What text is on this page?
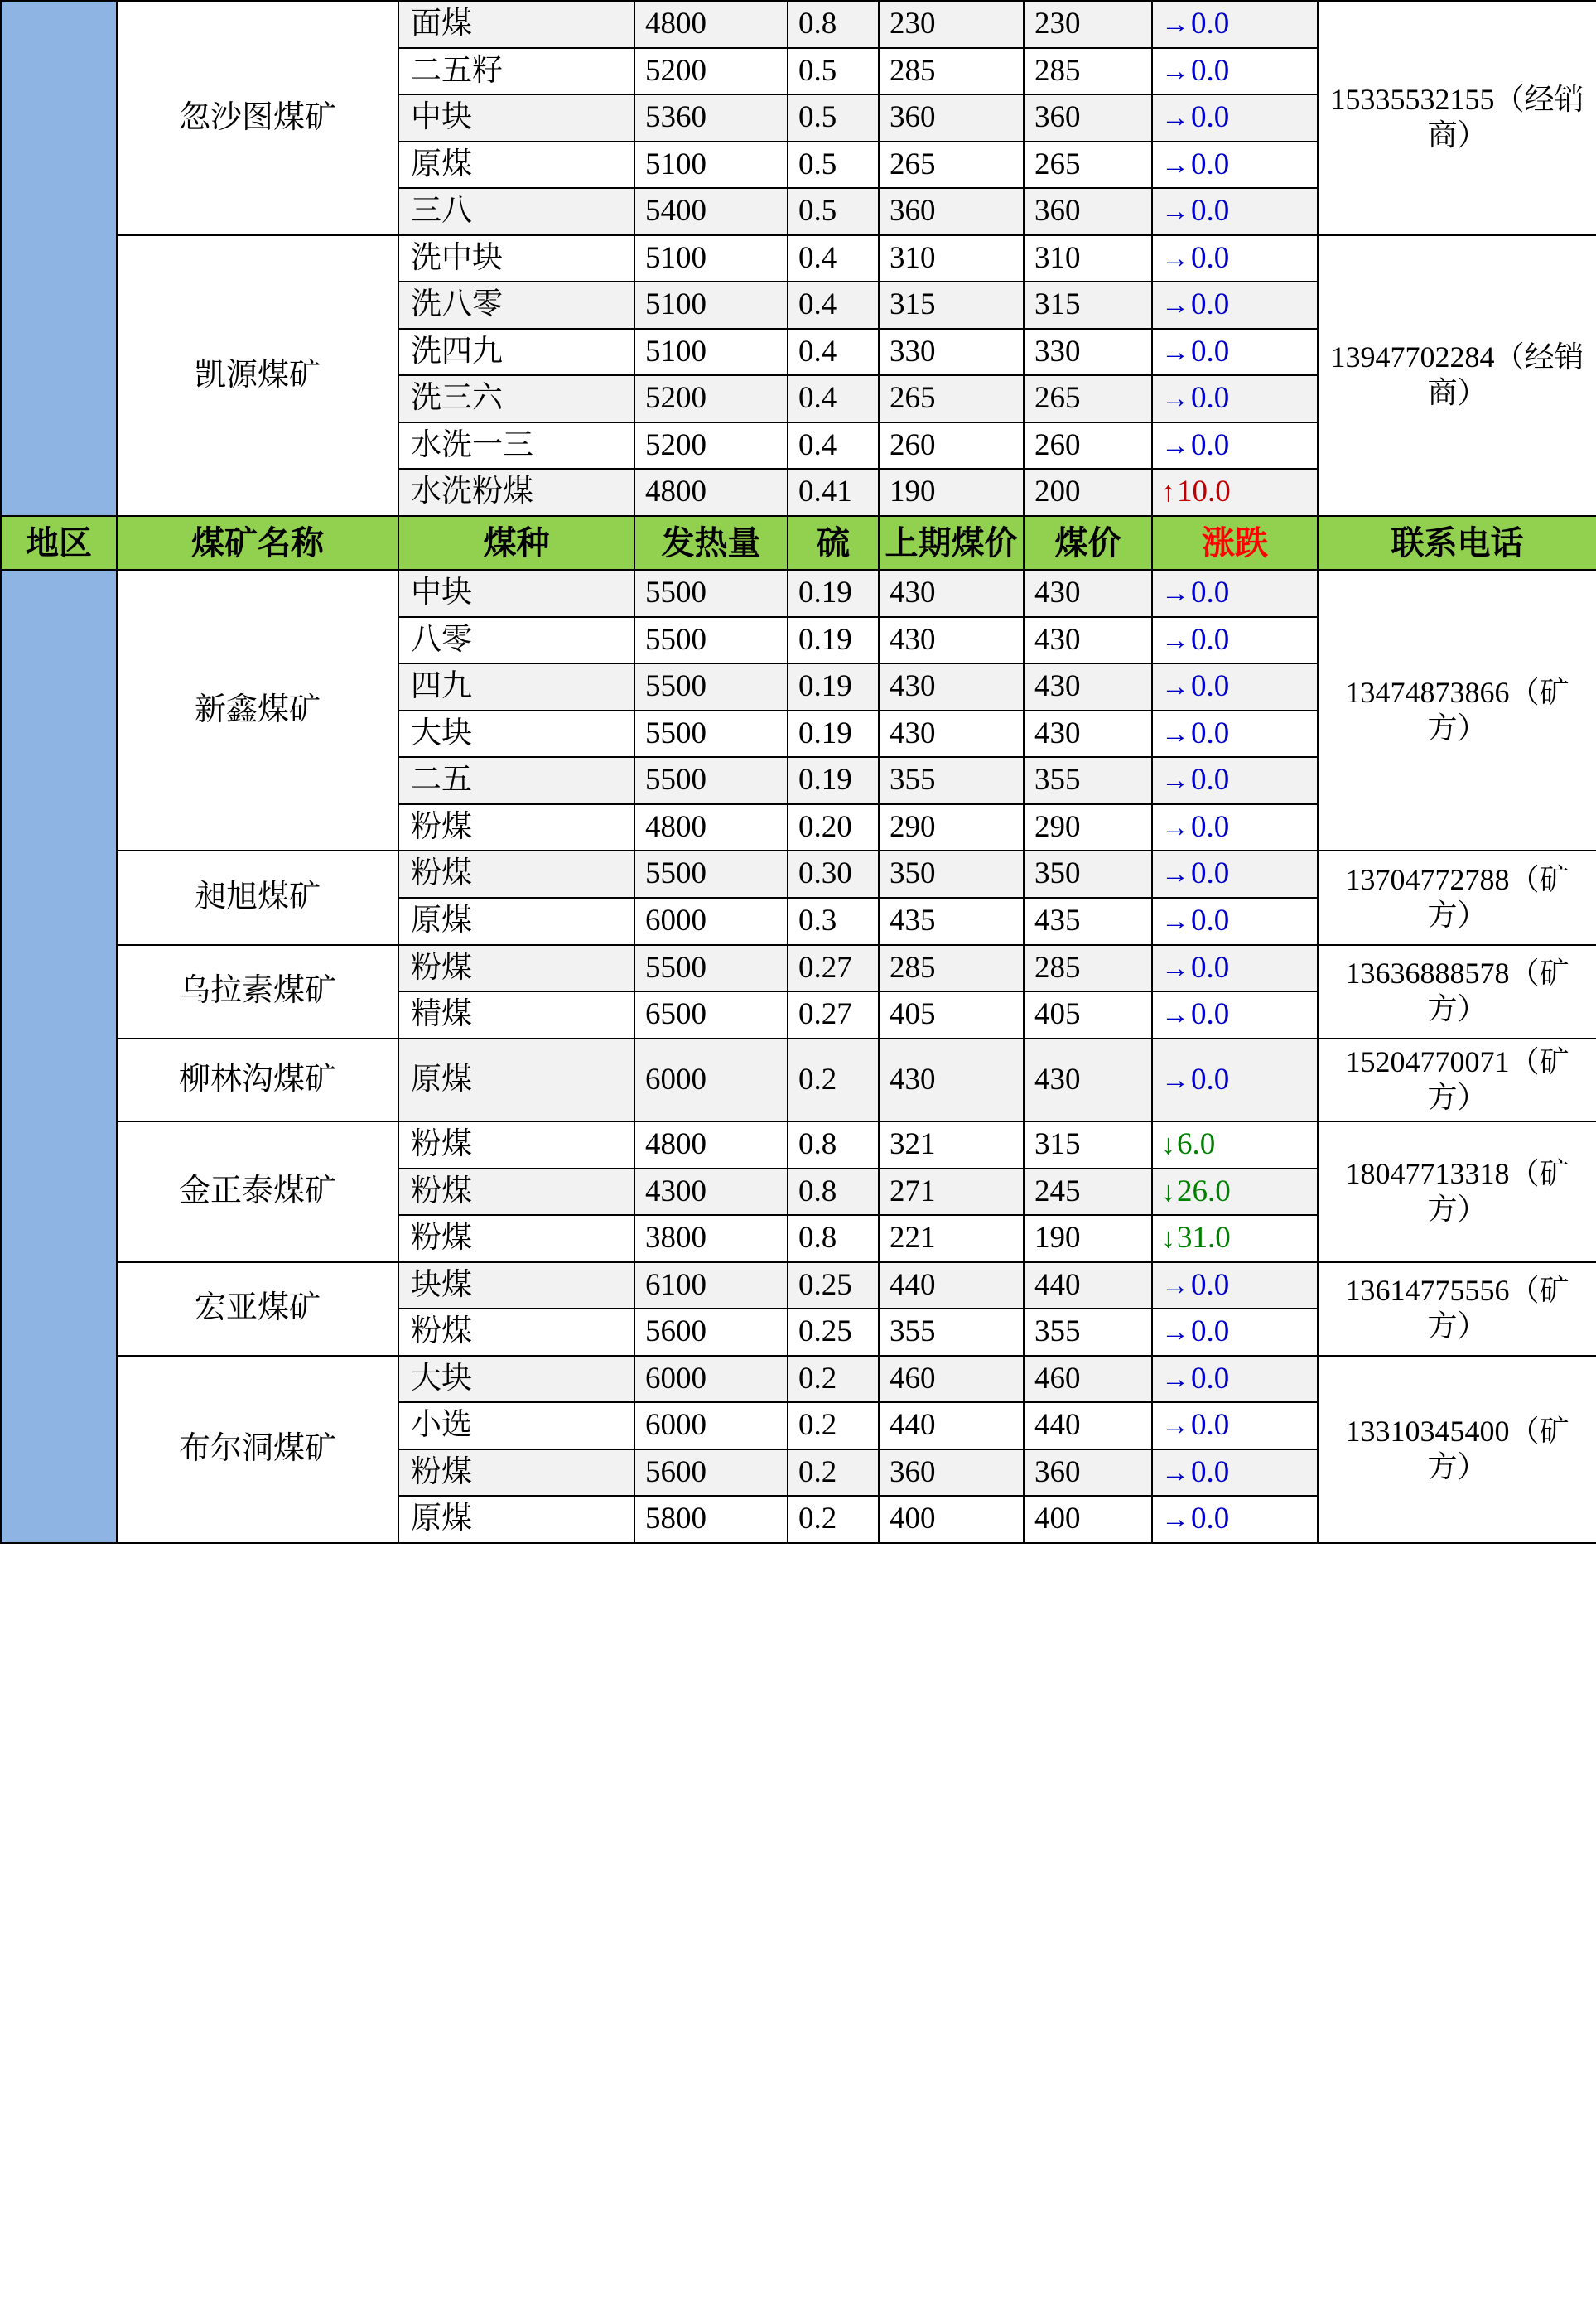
	忽沙图煤矿	面煤	4800	0.8	230	230	→0.0	15335532155（经销商）
		二五籽	5200	0.5	285	285	→0.0	
		中块	5360	0.5	360	360	→0.0	
		原煤	5100	0.5	265	265	→0.0	
		三八	5400	0.5	360	360	→0.0	
	凯源煤矿	洗中块	5100	0.4	310	310	→0.0	13947702284（经销商）
		洗八零	5100	0.4	315	315	→0.0	
		洗四九	5100	0.4	330	330	→0.0	
		洗三六	5200	0.4	265	265	→0.0	
		水洗一三	5200	0.4	260	260	→0.0	
		水洗粉煤	4800	0.41	190	200	↑10.0	
地区	煤矿名称	煤种	发热量	硫	上期煤价	煤价	涨跌	联系电话
	新鑫煤矿	中块	5500	0.19	430	430	→0.0	13474873866（矿方）
		八零	5500	0.19	430	430	→0.0	
		四九	5500	0.19	430	430	→0.0	
		大块	5500	0.19	430	430	→0.0	
		二五	5500	0.19	355	355	→0.0	
		粉煤	4800	0.20	290	290	→0.0	
	昶旭煤矿	粉煤	5500	0.30	350	350	→0.0	13704772788（矿方）
		原煤	6000	0.3	435	435	→0.0	
	乌拉素煤矿	粉煤	5500	0.27	285	285	→0.0	13636888578（矿方）
		精煤	6500	0.27	405	405	→0.0	
	柳林沟煤矿	原煤	6000	0.2	430	430	→0.0	15204770071（矿方）
	金正泰煤矿	粉煤	4800	0.8	321	315	↓6.0	18047713318（矿方）
		粉煤	4300	0.8	271	245	↓26.0	
		粉煤	3800	0.8	221	190	↓31.0	
	宏亚煤矿	块煤	6100	0.25	440	440	→0.0	13614775556（矿方）
		粉煤	5600	0.25	355	355	→0.0	
	布尔洞煤矿	大块	6000	0.2	460	460	→0.0	13310345400（矿方）
		小选	6000	0.2	440	440	→0.0	
		粉煤	5600	0.2	360	360	→0.0	
		原煤	5800	0.2	400	400	→0.0	
